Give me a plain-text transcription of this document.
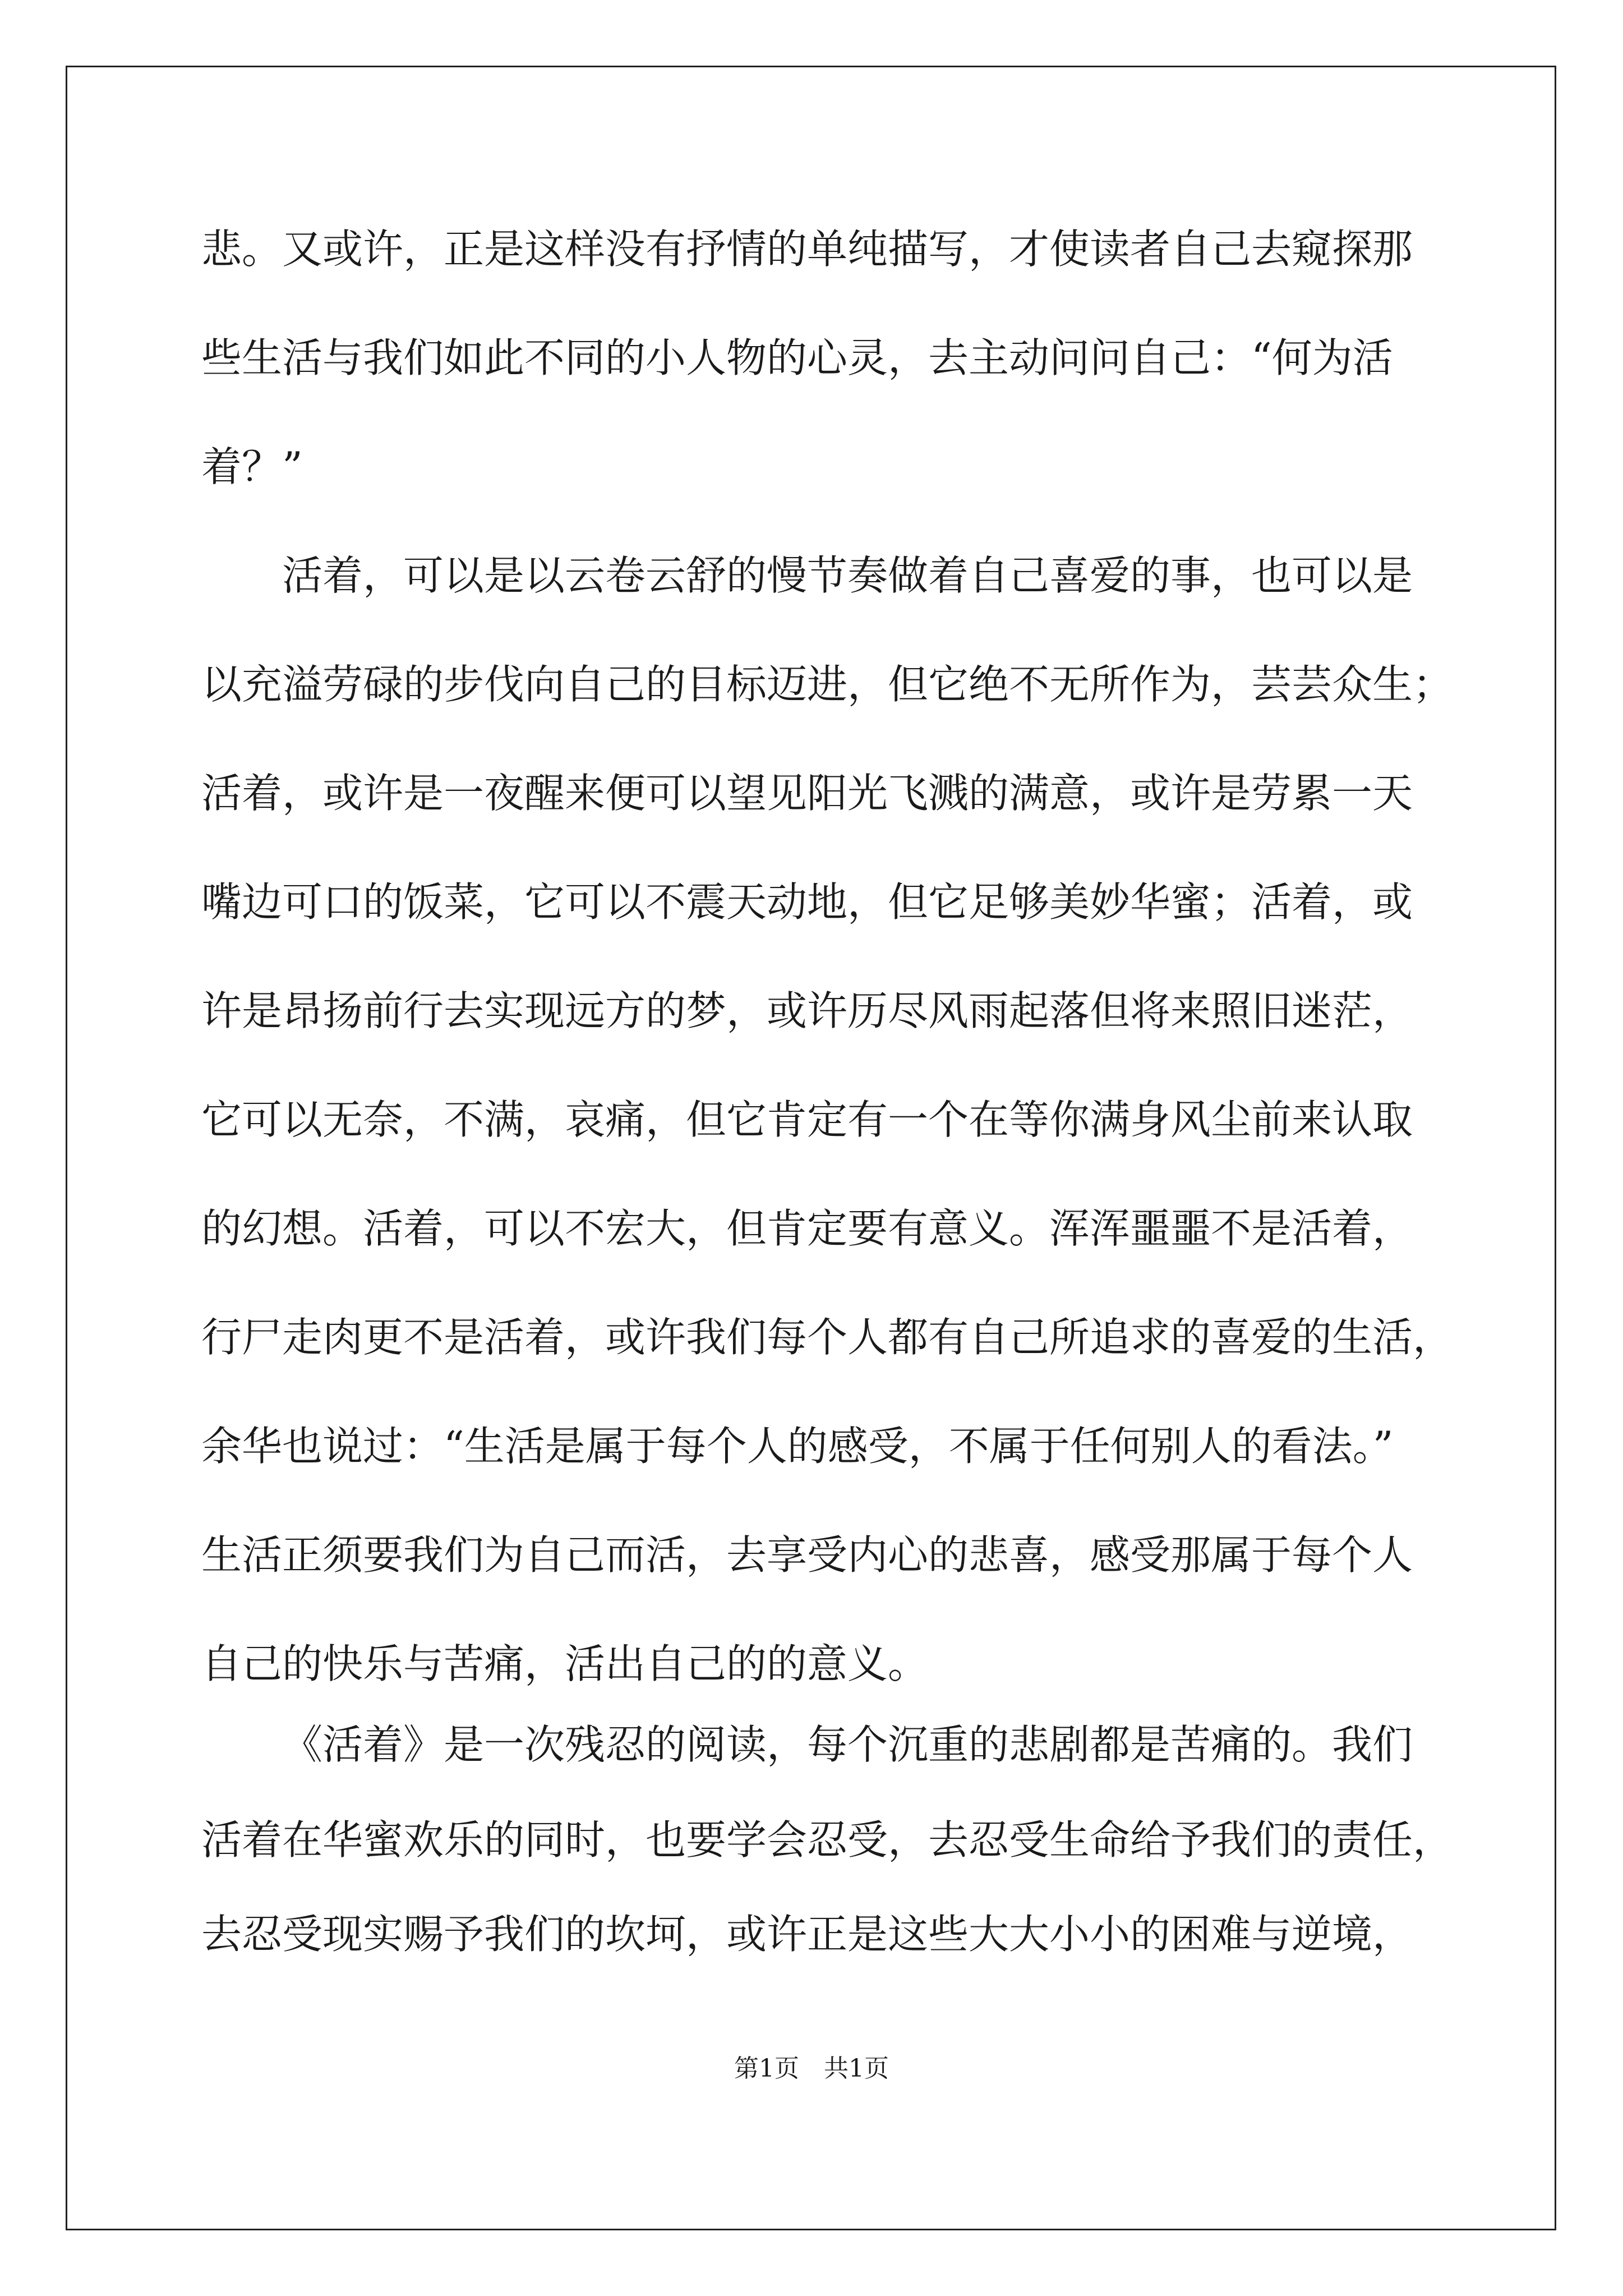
悲。又或许，正是这样没有抒情的单纯描写，才使读者自己去窥探那
些生活与我们如此不同的小人物的心灵，去主动问问自己：“何为活
着？”
活着，可以是以云卷云舒的慢节奏做着自己喜爱的事，也可以是
以充溢劳碌的步伐向自己的目标迈进，但它绝不无所作为，芸芸众生；
活着，或许是一夜醒来便可以望见阳光飞溅的满意，或许是劳累一天
嘴边可口的饭菜，它可以不震天动地，但它足够美妙华蜜；活着，或
许是昂扬前行去实现远方的梦，或许历尽风雨起落但将来照旧迷茫，
它可以无奈，不满，哀痛，但它肯定有一个在等你满身风尘前来认取
的幻想。活着，可以不宏大，但肯定要有意义。浑浑噩噩不是活着，
行尸走肉更不是活着，或许我们每个人都有自己所追求的喜爱的生活，
余华也说过：“生活是属于每个人的感受，不属于任何别人的看法。”
生活正须要我们为自己而活，去享受内心的悲喜，感受那属于每个人
自己的快乐与苦痛，活出自己的的意义。
《活着》是一次残忍的阅读，每个沉重的悲剧都是苦痛的。我们
活着在华蜜欢乐的同时，也要学会忍受，去忍受生命给予我们的责任，
去忍受现实赐予我们的坎坷，或许正是这些大大小小的困难与逆境，
第1页 共1页
